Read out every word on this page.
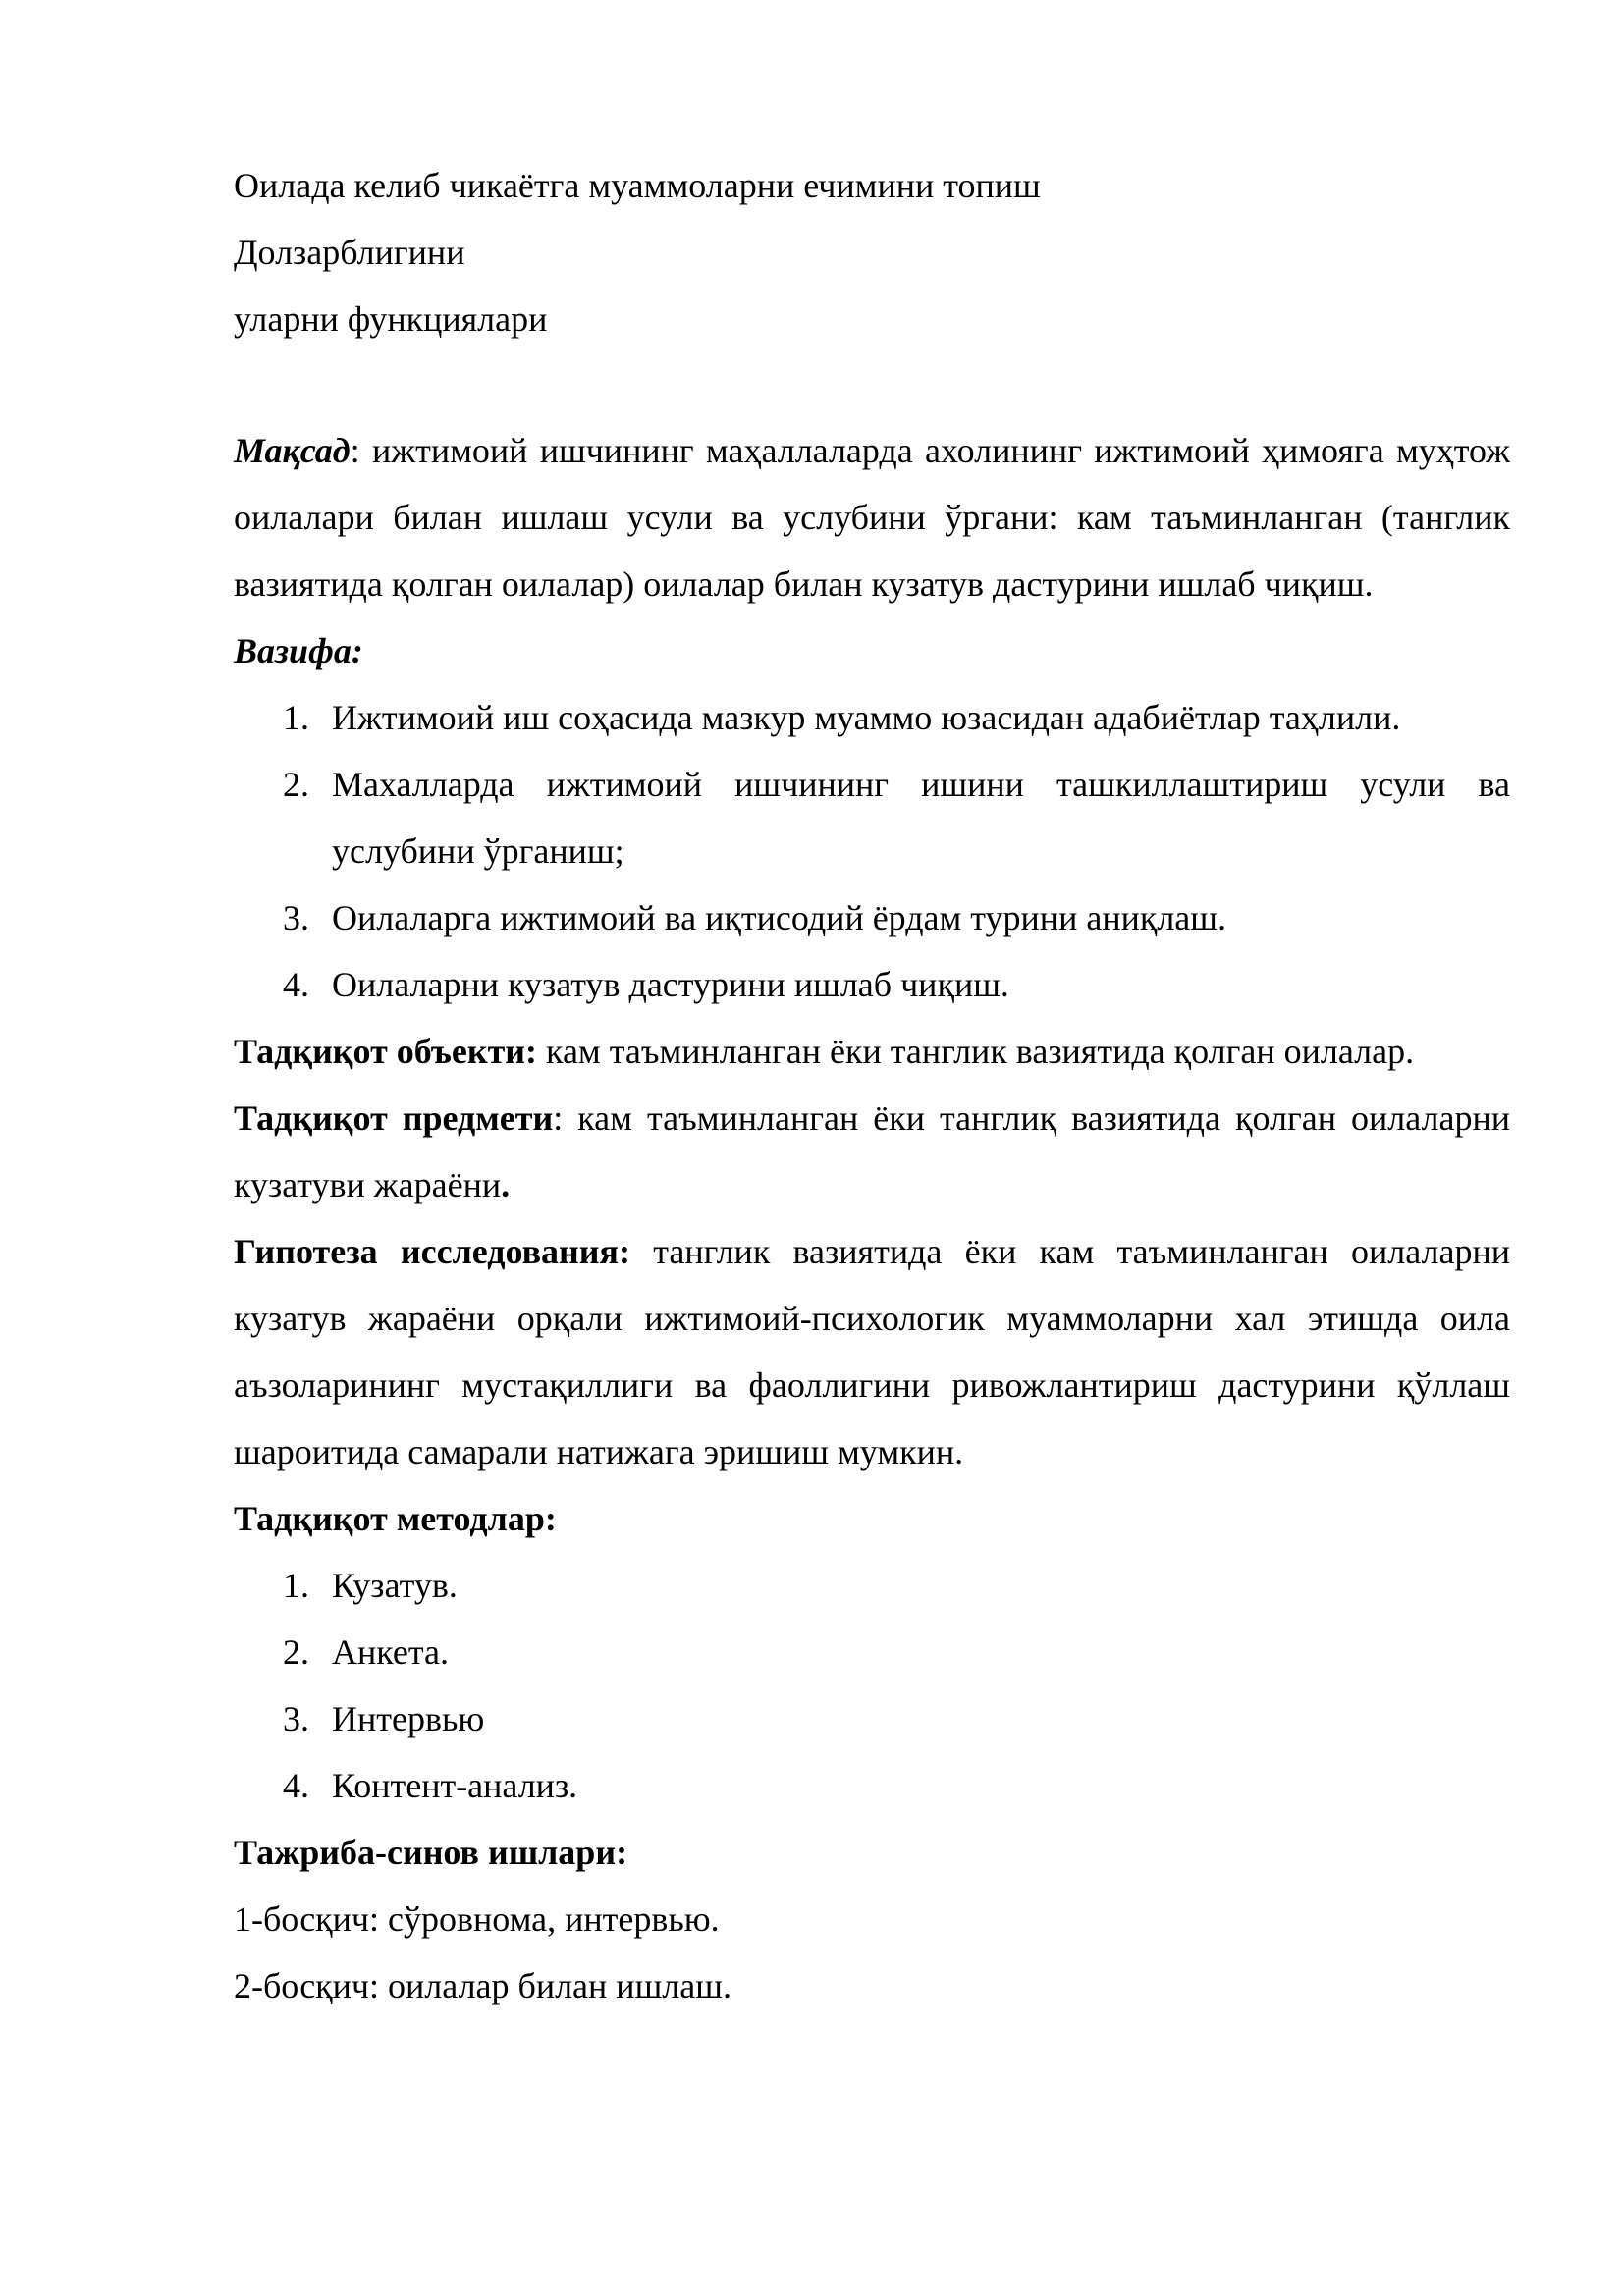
Оилада келиб чикаётга муаммоларни ечимини топиш

Долзарблигини

уларни функциялари

Мақсад: ижтимоий ишчининг маҳаллаларда ахолининг ижтимоий ҳимояга муҳтож оилалари билан ишлаш усули ва услубини ўргани: кам таъминланган (танглик вазиятида қолган оилалар) оилалар билан кузатув дастурини ишлаб чиқиш.

Вазифа:

1. Ижтимоий иш соҳасида мазкур муаммо юзасидан адабиётлар таҳлили.
2. Махалларда ижтимоий ишчининг ишини ташкиллаштириш усули ва услубини ўрганиш;
3. Оилаларга ижтимоий ва иқтисодий ёрдам турини аниқлаш.
4. Оилаларни кузатув дастурини ишлаб чиқиш.

Тадқиқот объекти: кам таъминланган ёки танглик вазиятида қолган оилалар.

Тадқиқот предмети: кам таъминланган ёки танглиқ вазиятида қолган оилаларни кузатуви жараёни.

Гипотеза исследования: танглик вазиятида ёки кам таъминланган оилаларни кузатув жараёни орқали ижтимоий-психологик муаммоларни хал этишда оила аъзоларининг мустақиллиги ва фаоллигини ривожлантириш дастурини қўллаш шароитида самарали натижага эришиш мумкин.

Тадқиқот методлар:

1. Кузатув.
2. Анкета.
3. Интервью
4. Контент-анализ.

Тажриба-синов ишлари:

1-босқич: сўровнома, интервью.

2-босқич: оилалар билан ишлаш.
